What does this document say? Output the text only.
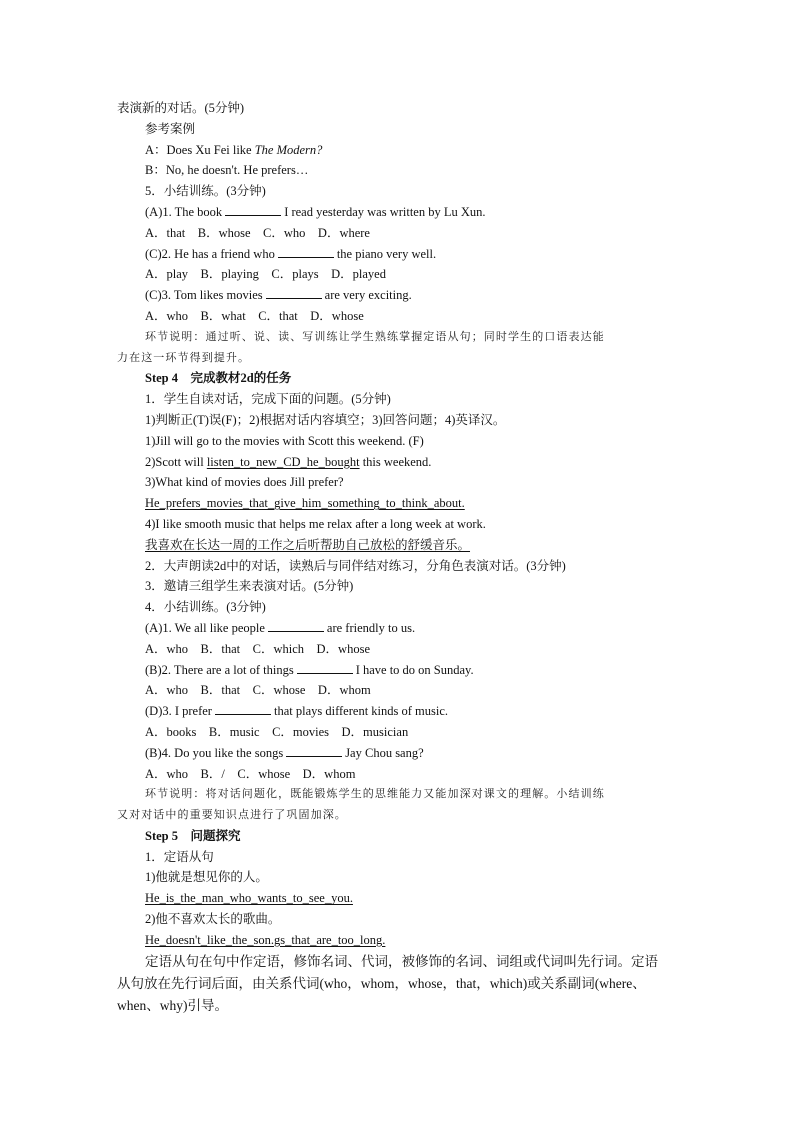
表演新的对话。(5分钟)
参考案例
A：Does Xu Fei like The Modern?
B：No, he doesn't. He prefers…
5．小结训练。(3分钟)
(A)1. The book	I read yesterday was written by Lu Xun.
A．that　B．whose　C．who　D．where
(C)2. He has a friend who	the piano very well.
A．play　B．playing　C．plays　D．played
(C)3. Tom likes movies	are very exciting.
A．who　B．what　C．that　D．whose
环节说明：通过听、说、读、写训练让学生熟练掌握定语从句；同时学生的口语表达能
力在这一环节得到提升。
Step 4　完成教材2d的任务
1．学生自读对话，完成下面的问题。(5分钟)
1)判断正(T)误(F)；2)根据对话内容填空；3)回答问题；4)英译汉。
1)Jill will go to the movies with Scott this weekend. (F)
2)Scott will listen_to_new_CD_he_bought this weekend.
3)What kind of movies does Jill prefer?
He_prefers_movies_that_give_him_something_to_think_about.
4)I like smooth music that helps me relax after a long week at work.
我喜欢在长达一周的工作之后听帮助自己放松的舒缓音乐。
2．大声朗读2d中的对话，读熟后与同伴结对练习，分角色表演对话。(3分钟)
3．邀请三组学生来表演对话。(5分钟)
4．小结训练。(3分钟)
(A)1. We all like people	are friendly to us.
A．who　B．that　C．which　D．whose
(B)2. There are a lot of things	I have to do on Sunday.
A．who　B．that　C．whose　D．whom
(D)3. I prefer	that plays different kinds of music.
A．books　B．music　C．movies　D．musician
(B)4. Do you like the songs	Jay Chou sang?
A．who　B．/　C．whose　D．whom
环节说明：将对话问题化，既能锻炼学生的思维能力又能加深对课文的理解。小结训练
又对对话中的重要知识点进行了巩固加深。
Step 5　问题探究
1．定语从句
1)他就是想见你的人。
He_is_the_man_who_wants_to_see_you.
2)他不喜欢太长的歌曲。
He_doesn't_like_the_son.gs_that_are_too_long.
定语从句在句中作定语，修饰名词、代词，被修饰的名词、词组或代词叫先行词。定语
从句放在先行词后面，由关系代词(who，whom，whose，that，which)或关系副词(where、
when、why)引导。
